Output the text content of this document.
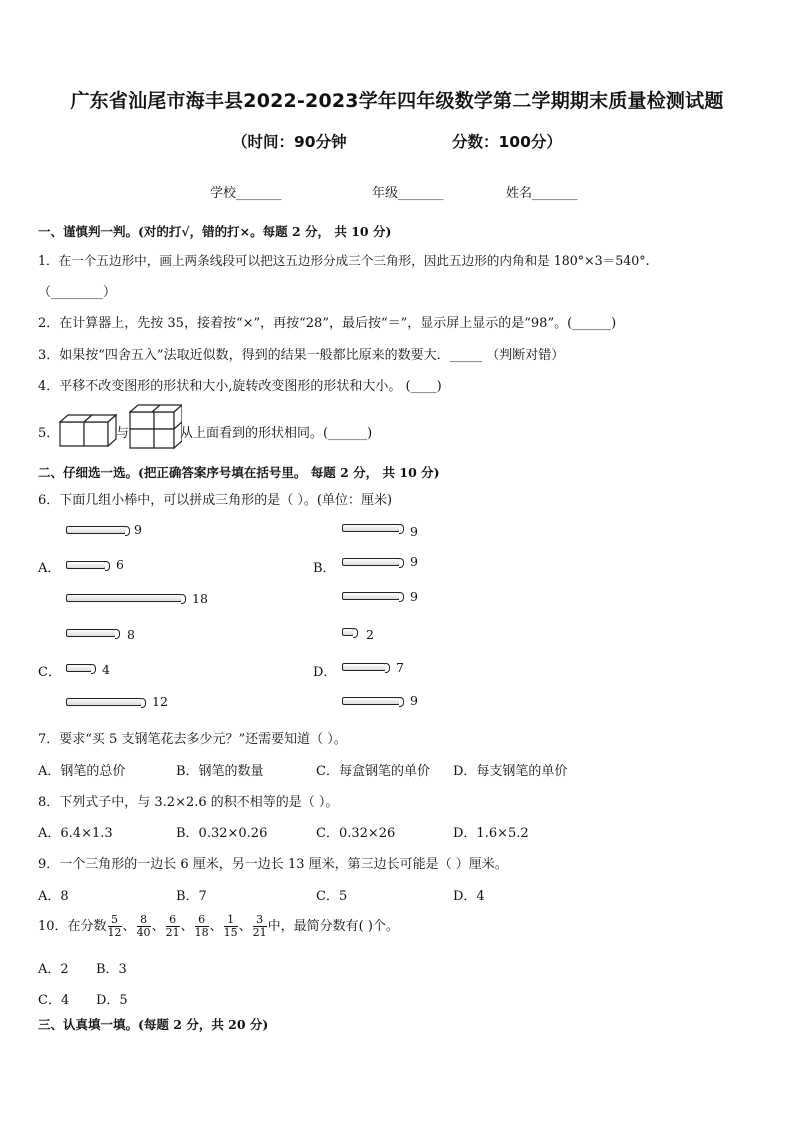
广东省汕尾市海丰县2022-2023学年四年级数学第二学期期末质量检测试题
（时间：90分钟	分数：100分）
学校_______	年级_______	姓名_______
一、谨慎判一判。(对的打√，错的打×。每题 2 分， 共 10 分)
1．在一个五边形中，画上两条线段可以把这五边形分成三个三角形，因此五边形的内角和是 180°×3＝540°.
（________）
2．在计算器上，先按 35，接着按“×”，再按“28”，最后按“＝”，显示屏上显示的是“98”。(______)
3．如果按“四舍五入”法取近似数，得到的结果一般都比原来的数要大．_____ （判断对错）
4．平移不改变图形的形状和大小,旋转改变图形的形状和大小。 (____)
5．	与	从上面看到的形状相同。(______)
二、仔细选一选。(把正确答案序号填在括号里。 每题 2 分， 共 10 分)
6．下面几组小棒中，可以拼成三角形的是（ ）。(单位：厘米)
A．
9
6
18
B．
9
9
9
C．
8
4
12
D．
2
7
9
7．要求“买 5 支钢笔花去多少元？”还需要知道（ ）。
A．钢笔的总价	B．钢笔的数量	C．每盒钢笔的单价 D．每支钢笔的单价
8．下列式子中，与 3.2×2.6 的积不相等的是（ ）。
A．6.4×1.3	B．0.32×0.26	C．0.32×26	D．1.6×5.2
9．一个三角形的一边长 6 厘米，另一边长 13 厘米，第三边长可能是（ ）厘米。
A．8	B．7	C．5	D．4
10．在分数 $\frac{5}{12}$ 、 $\frac{8}{40}$ 、 $\frac{6}{21}$ 、 $\frac{6}{18}$ 、 $\frac{1}{15}$ 、 $\frac{3}{21}$ 中，最简分数有( )个。
A．2 B．3
C．4 D．5
三、认真填一填。(每题 2 分，共 20 分)
